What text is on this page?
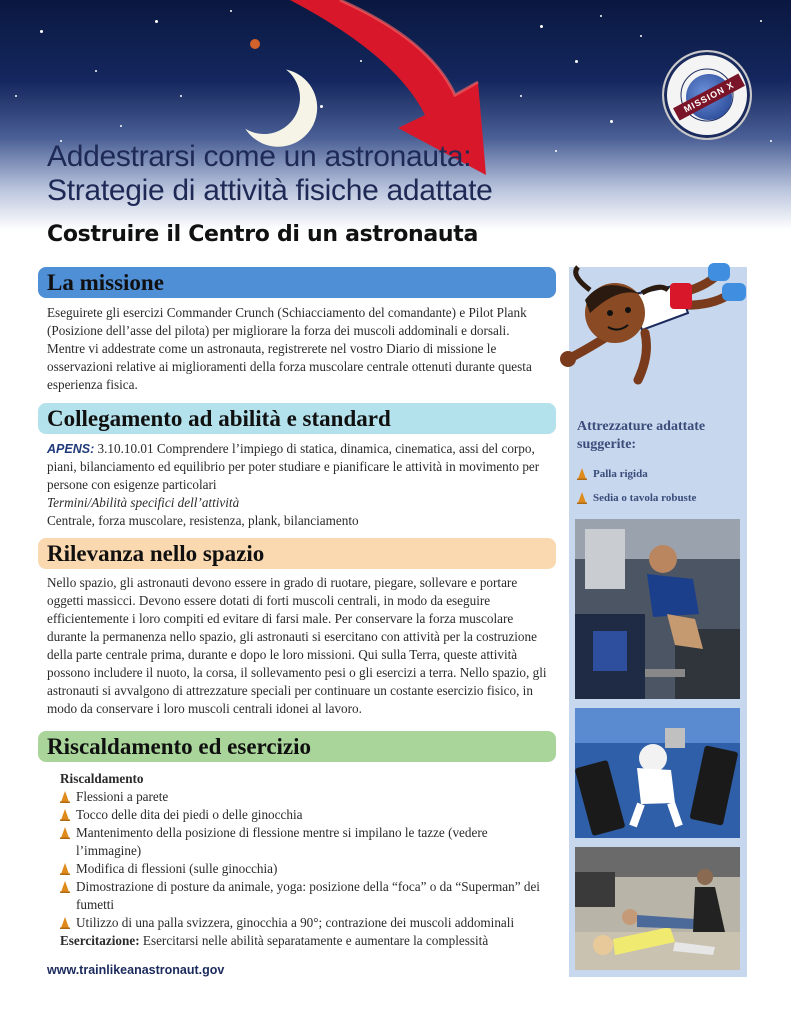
MISSION X
Addestrarsi come un astronauta:
Strategie di attività fisiche adattate
Costruire il Centro di un astronauta
La missione
Eseguirete gli esercizi Commander Crunch (Schiacciamento del comandante) e Pilot Plank (Posizione dell’asse del pilota) per migliorare la forza dei muscoli addominali e dorsali. Mentre vi addestrate come un astronauta, registrerete nel vostro Diario di missione le osservazioni relative ai miglioramenti della forza muscolare centrale ottenuti durante questa esperienza fisica.
Collegamento ad abilità e standard
APENS: 3.10.10.01 Comprendere l’impiego di statica, dinamica, cinematica, assi del corpo, piani, bilanciamento ed equilibrio per poter studiare e pianificare le attività in movimento per persone con esigenze particolari
Termini/Abilità specifici dell’attività
Centrale, forza muscolare, resistenza, plank, bilanciamento
Rilevanza nello spazio
Nello spazio, gli astronauti devono essere in grado di ruotare, piegare, sollevare e portare oggetti massicci. Devono essere dotati di forti muscoli centrali, in modo da eseguire efficientemente i loro compiti ed evitare di farsi male. Per conservare la forza muscolare durante la permanenza nello spazio, gli astronauti si esercitano con attività per la costruzione della parte centrale prima, durante e dopo le loro missioni. Qui sulla Terra, queste attività possono includere il nuoto, la corsa, il sollevamento pesi o gli esercizi a terra. Nello spazio, gli astronauti si avvalgono di attrezzature speciali per continuare un costante esercizio fisico, in modo da conservare i loro muscoli centrali idonei al lavoro.
Riscaldamento ed esercizio
Riscaldamento
Flessioni a parete
Tocco delle dita dei piedi o delle ginocchia
Mantenimento della posizione di flessione mentre si impilano le tazze (vedere l’immagine)
Modifica di flessioni (sulle ginocchia)
Dimostrazione di posture da animale, yoga: posizione della “foca” o da “Superman” dei fumetti
Utilizzo di una palla svizzera, ginocchia a 90°; contrazione dei muscoli addominali
Esercitazione: Esercitarsi nelle abilità separatamente e aumentare la complessità
www.trainlikeanastronaut.gov
Attrezzature adattate suggerite:
Palla rigida
Sedia o tavola robuste
